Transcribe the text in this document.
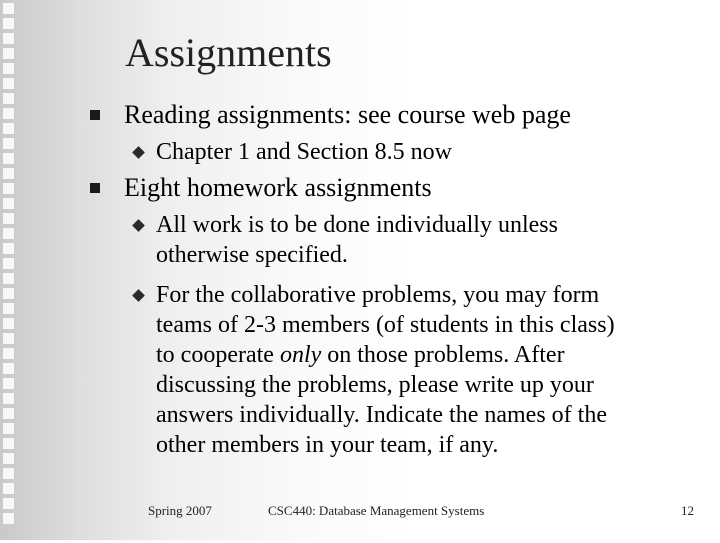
Assignments
Reading assignments: see course web page
Chapter 1 and Section 8.5 now
Eight homework assignments
All work is to be done individually unless
otherwise specified.
For the collaborative problems, you may form
teams of 2-3 members (of students in this class)
to cooperate only on those problems. After
discussing the problems, please write up your
answers individually. Indicate the names of the
other members in your team, if any.
Spring 2007	CSC440: Database Management Systems	12
